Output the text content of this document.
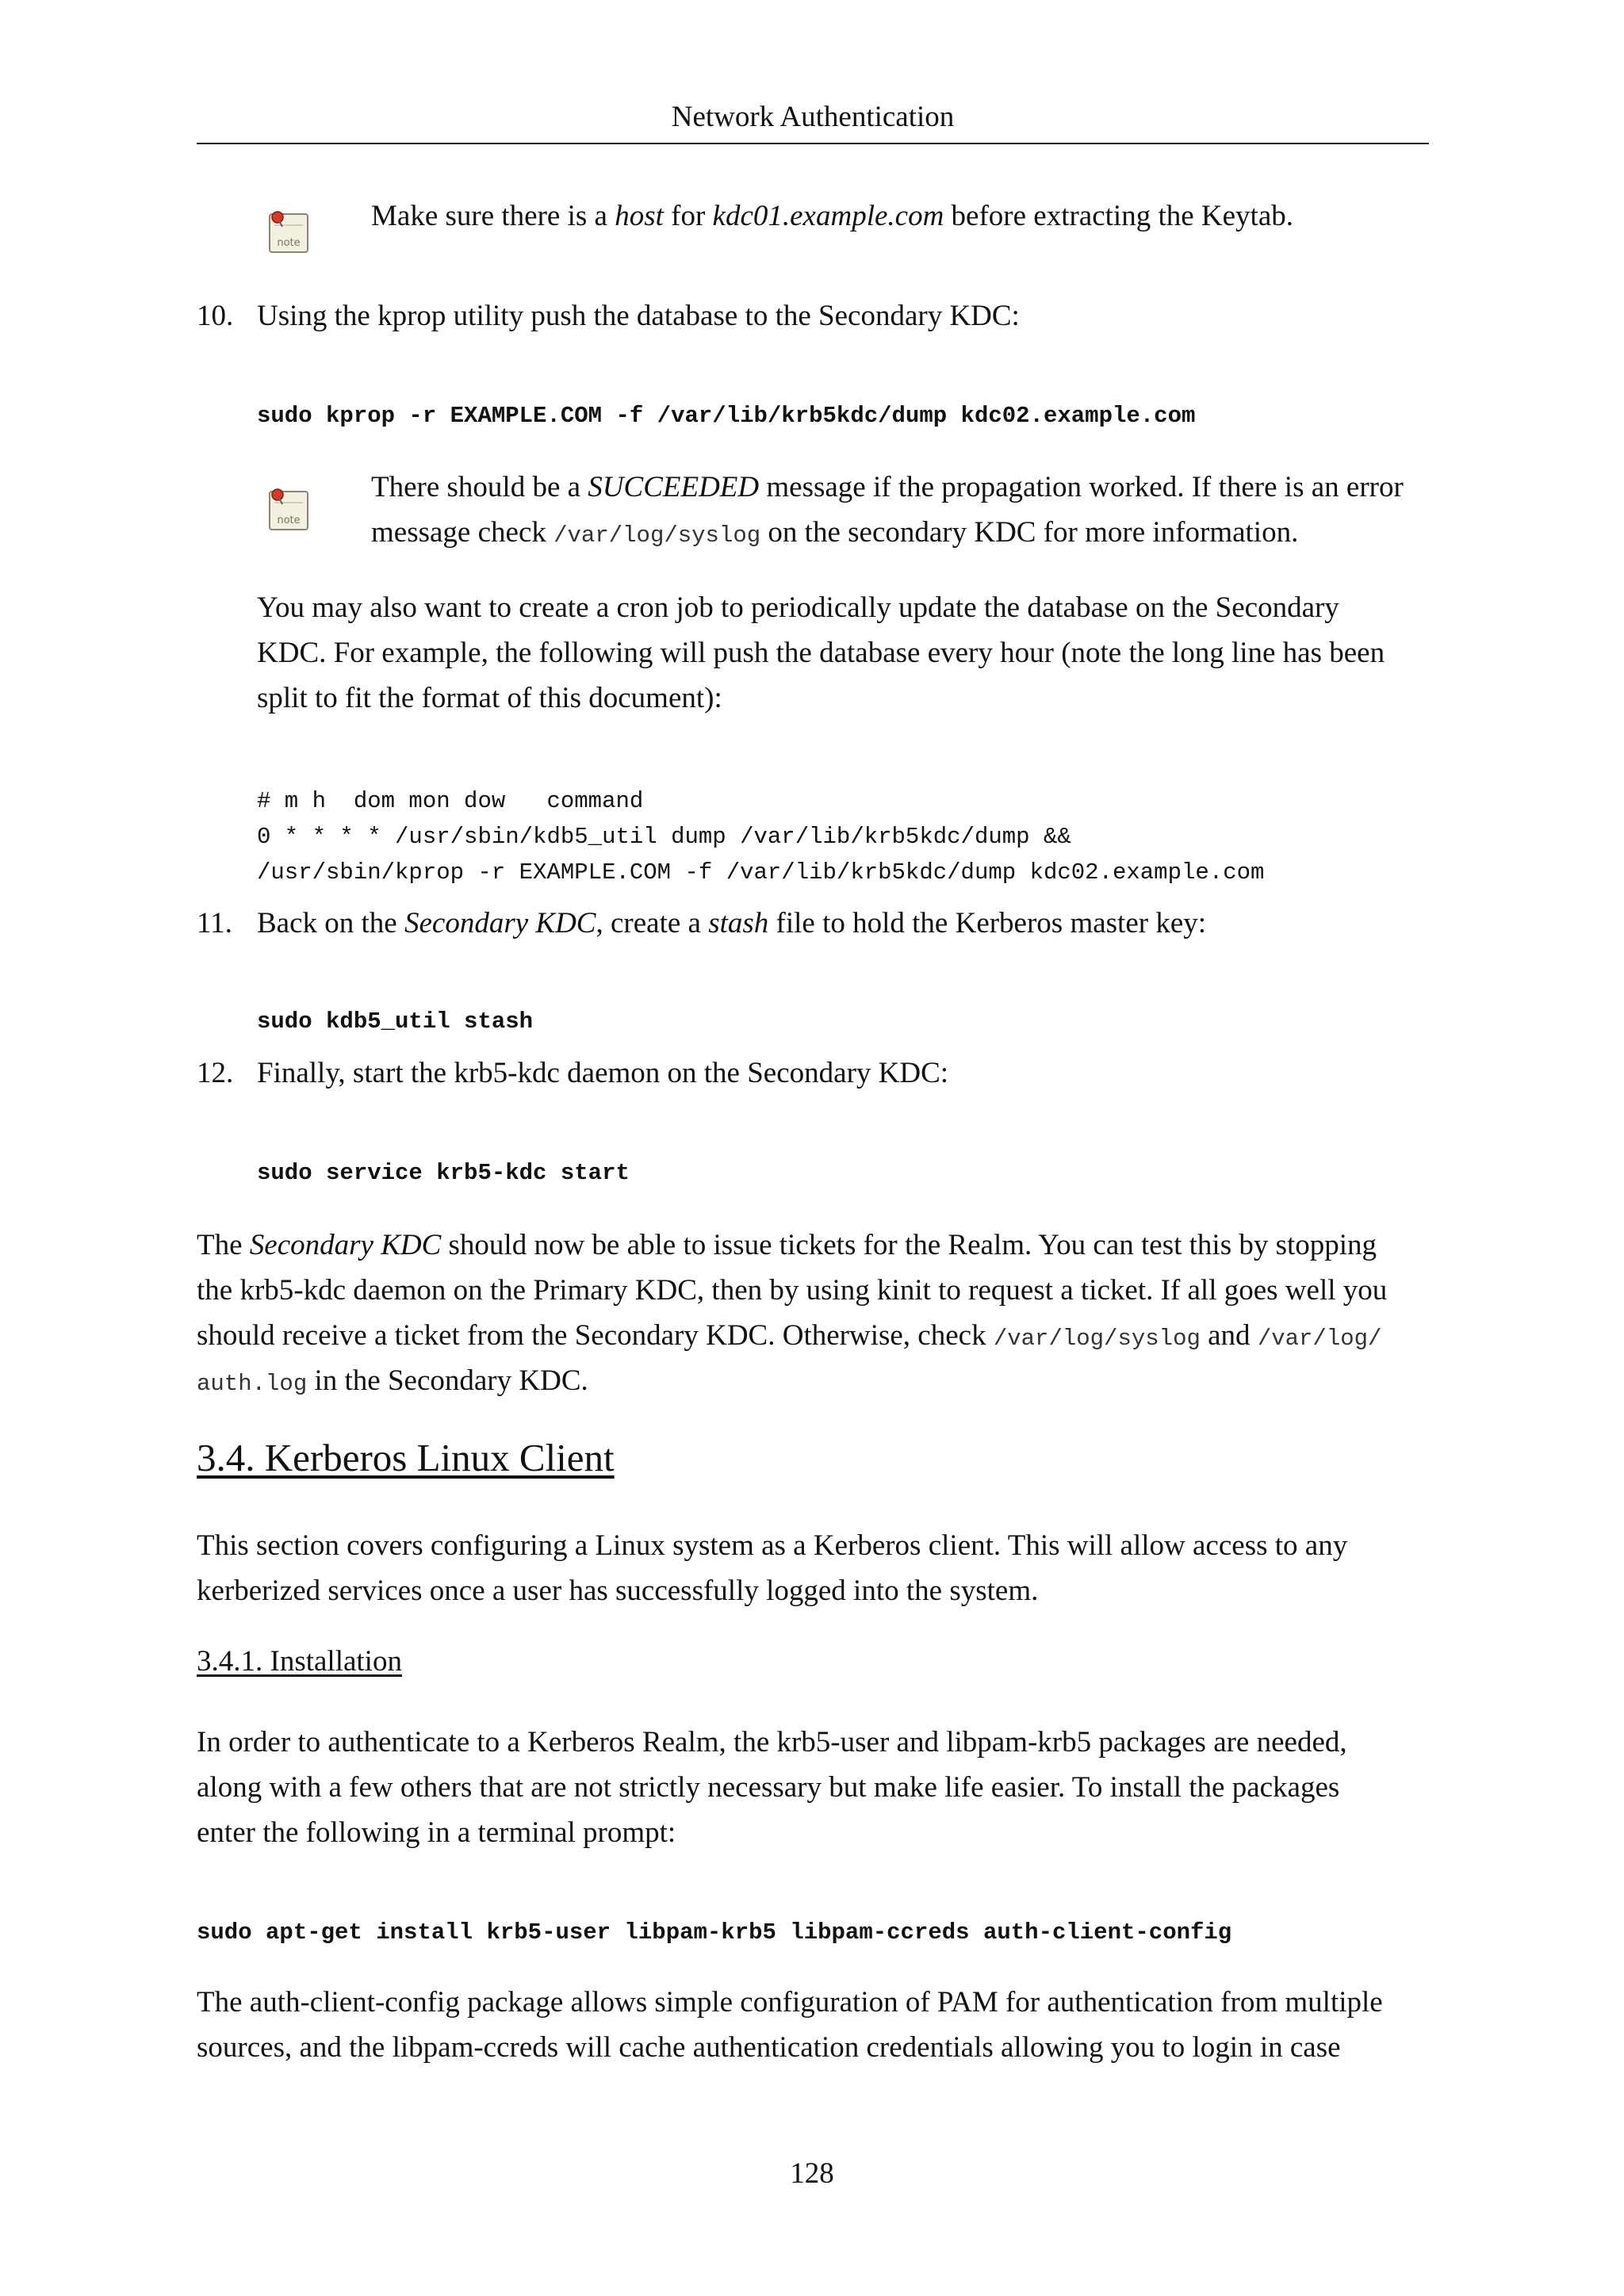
Network Authentication
note
Make sure there is a host for kdc01.example.com before extracting the Keytab.
10. Using the kprop utility push the database to the Secondary KDC:
sudo kprop -r EXAMPLE.COM -f /var/lib/krb5kdc/dump kdc02.example.com
note
There should be a SUCCEEDED message if the propagation worked. If there is an error
message check /var/log/syslog on the secondary KDC for more information.
You may also want to create a cron job to periodically update the database on the Secondary
KDC. For example, the following will push the database every hour (note the long line has been
split to fit the format of this document):
# m h  dom mon dow   command
0 * * * * /usr/sbin/kdb5_util dump /var/lib/krb5kdc/dump &&
/usr/sbin/kprop -r EXAMPLE.COM -f /var/lib/krb5kdc/dump kdc02.example.com
11. Back on the Secondary KDC, create a stash file to hold the Kerberos master key:
sudo kdb5_util stash
12. Finally, start the krb5-kdc daemon on the Secondary KDC:
sudo service krb5-kdc start
The Secondary KDC should now be able to issue tickets for the Realm. You can test this by stopping
the krb5-kdc daemon on the Primary KDC, then by using kinit to request a ticket. If all goes well you
should receive a ticket from the Secondary KDC. Otherwise, check /var/log/syslog and /var/log/
auth.log in the Secondary KDC.
3.4. Kerberos Linux Client
This section covers configuring a Linux system as a Kerberos client. This will allow access to any
kerberized services once a user has successfully logged into the system.
3.4.1. Installation
In order to authenticate to a Kerberos Realm, the krb5-user and libpam-krb5 packages are needed,
along with a few others that are not strictly necessary but make life easier. To install the packages
enter the following in a terminal prompt:
sudo apt-get install krb5-user libpam-krb5 libpam-ccreds auth-client-config
The auth-client-config package allows simple configuration of PAM for authentication from multiple
sources, and the libpam-ccreds will cache authentication credentials allowing you to login in case
128
